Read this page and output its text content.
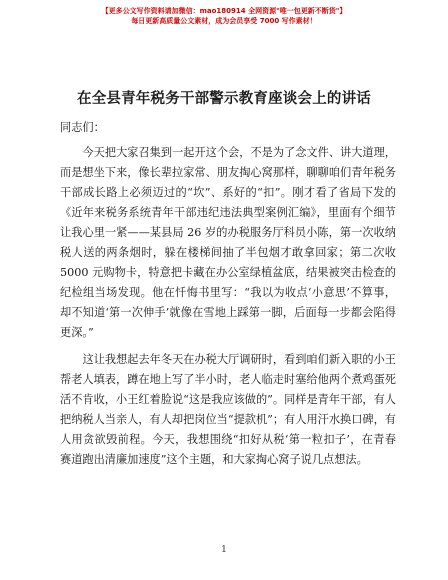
【更多公文写作资料请加微信：mao180914 全网资源"唯一包更新不断货"】
每日更新高质量公文素材，成为会员享受 7000 写作素材！
在全县青年税务干部警示教育座谈会上的讲话

同志们：

今天把大家召集到一起开这个会，不是为了念文件、讲大道理，而是想坐下来，像长辈拉家常、朋友掏心窝那样，聊聊咱们青年税务干部成长路上必须迈过的“坎”、系好的“扣”。刚才看了省局下发的《近年来税务系统青年干部违纪违法典型案例汇编》，里面有个细节让我心里一紧——某县局 26 岁的办税服务厅科员小陈，第一次收纳税人送的两条烟时，躲在楼梯间抽了半包烟才敢拿回家；第二次收 5000 元购物卡，特意把卡藏在办公室绿植盆底，结果被突击检查的纪检组当场发现。他在忏悔书里写：“我以为收点‘小意思’不算事，却不知道‘第一次伸手’就像在雪地上踩第一脚，后面每一步都会陷得更深。”

这让我想起去年冬天在办税大厅调研时，看到咱们新入职的小王帮老人填表，蹲在地上写了半小时，老人临走时塞给他两个煮鸡蛋死活不肯收，小王红着脸说“这是我应该做的”。同样是青年干部，有人把纳税人当亲人，有人却把岗位当“提款机”；有人用汗水换口碑，有人用贪欲毁前程。今天，我想围绕“扣好从税‘第一粒扣子’，在青春赛道跑出清廉加速度”这个主题，和大家掏心窝子说几点想法。

1
